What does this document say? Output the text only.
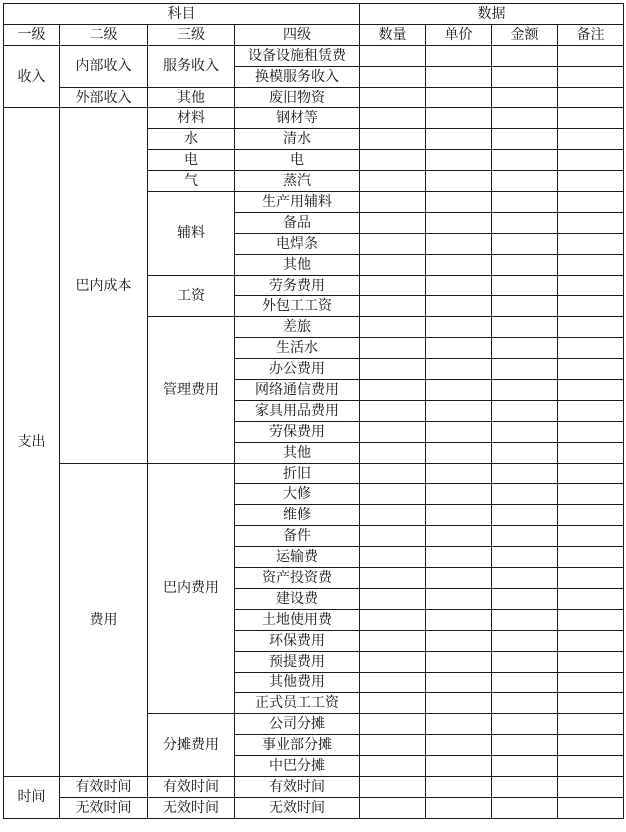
科目				数据			
一级	二级	三级	四级	数量	单价	金额	备注
收入	内部收入	服务收入	设备设施租赁费				
			换模服务收入				
	外部收入	其他	废旧物资				
支出	巴内成本	材料	钢材等				
		水	清水				
		电	电				
		气	蒸汽				
		辅料	生产用辅料				
			备品				
			电焊条				
			其他				
		工资	劳务费用				
			外包工工资				
		管理费用	差旅				
			生活水				
			办公费用				
			网络通信费用				
			家具用品费用				
			劳保费用				
			其他				
	费用	巴内费用	折旧				
			大修				
			维修				
			备件				
			运输费				
			资产投资费				
			建设费				
			土地使用费				
			环保费用				
			预提费用				
			其他费用				
			正式员工工资				
		分摊费用	公司分摊				
			事业部分摊				
			中巴分摊				
时间	有效时间	有效时间	有效时间				
	无效时间	无效时间	无效时间				
